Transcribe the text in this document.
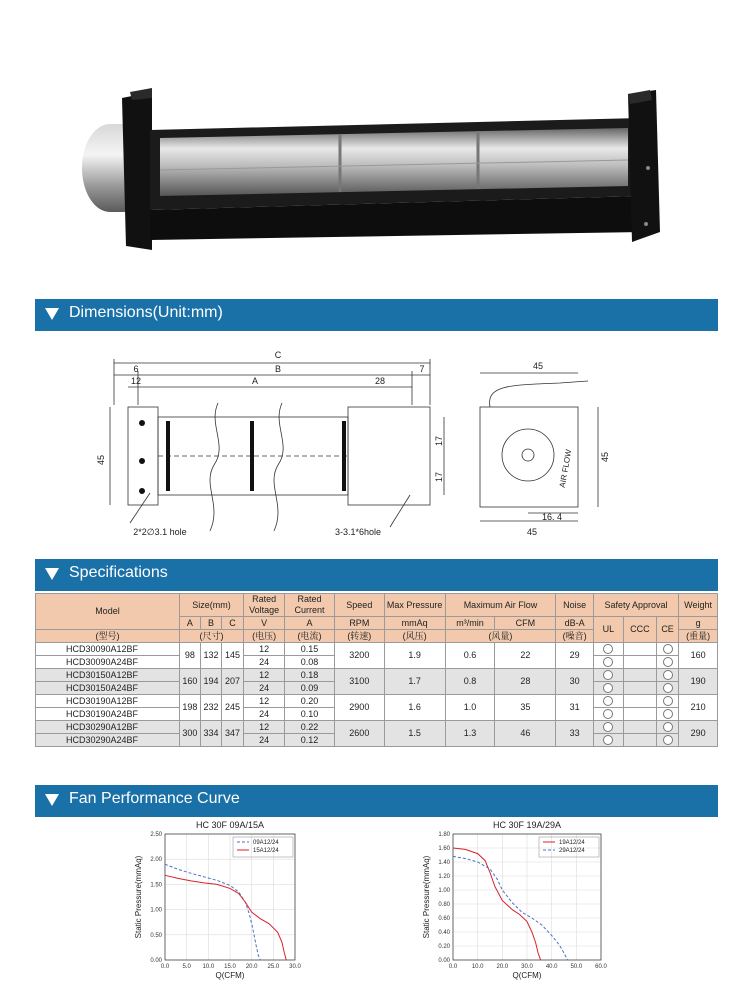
Dimensions(Unit:mm)
C
6	B	7
12	A	28
45
17
17
2*2∅3.1 hole	3-3.1*6hole
45
45
16. 4
45
AIR FLOW
Specifications
Model	Size(mm)			Rated Voltage	Rated Current	Speed	Max Pressure	Maximum Air Flow		Noise	Safety Approval			Weight
	A	B	C	V	A	RPM	mmAq	m³/min	CFM	dB-A	UL	CCC	CE	g
(型号)	(尺寸)			(电压)	(电流)	(转速)	(风压)	(风量)		(噪音)				(重量)
HCD30090A12BF	98	132	145	12	0.15	3200	1.9	0.6	22	29				160
HCD30090A24BF				24	0.08									
HCD30150A12BF	160	194	207	12	0.18	3100	1.7	0.8	28	30				190
HCD30150A24BF				24	0.09									
HCD30190A12BF	198	232	245	12	0.20	2900	1.6	1.0	35	31				210
HCD30190A24BF				24	0.10									
HCD30290A12BF	300	334	347	12	0.22	2600	1.5	1.3	46	33				290
HCD30290A24BF				24	0.12									
Fan Performance Curve
HC 30F 09A/15A
0.00
0.50
1.00
1.50
2.00
2.50
0.0 5.0 10.0 15.0 20.0 25.0 30.0
Q(CFM)
Static Pressure(mmAq)
09A12/24
15A12/24
HC 30F 19A/29A
0.00
0.20
0.40
0.60
0.80
1.00
1.20
1.40
1.60
1.80
0.0 10.0 20.0 30.0 40.0 50.0 60.0
Q(CFM)
Static Pressure(mmAq)
19A12/24
29A12/24
